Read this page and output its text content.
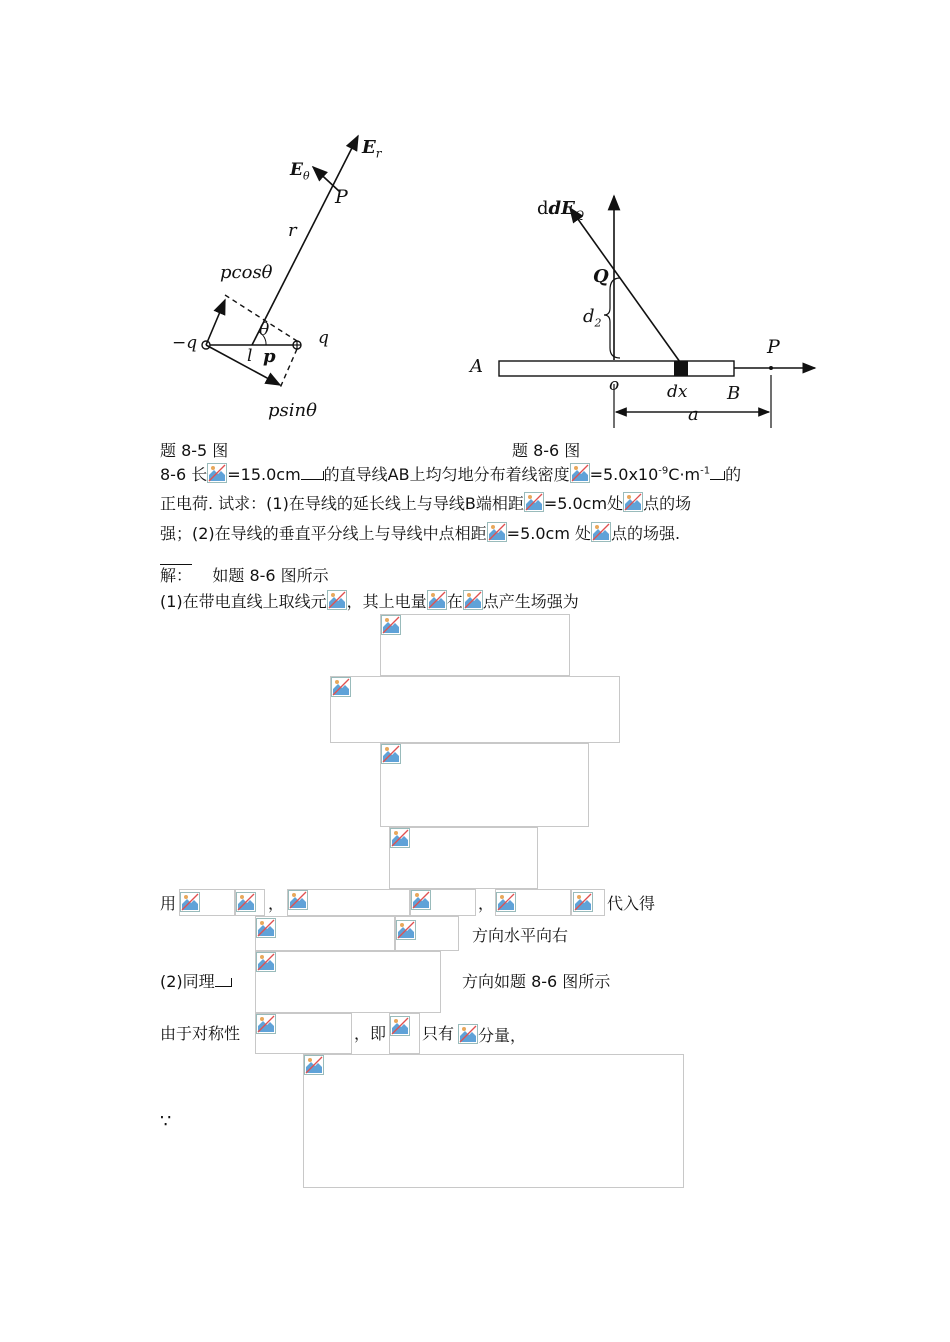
$E_r$
$E_\theta$
P
r
pcosθ
θ
−q	q
l p
psinθ
题 8-5 图
ddE$_Q$
Q
$d_2$
A
o	dx B
P
a
题 8-6 图
8-6 长 =15.0cm 的直导线AB上均匀地分布着线密度 $=5.0x10^{-9}C\cdot m^{-1}$ 的
正电荷. 试求：(1)在导线的延长线上与导线B端相距 =5.0cm处 点的场
强；(2)在导线的垂直平分线上与导线中点相距 =5.0cm 处 点的场强.
解： 如题 8-6 图所示
(1)在带电直线上取线元 ，其上电量 在 点产生场强为
用	，	，	代入得
方向水平向右
(2)同理	方向如题 8-6 图所示
由于对称性	，即 只有	分量，
∵
